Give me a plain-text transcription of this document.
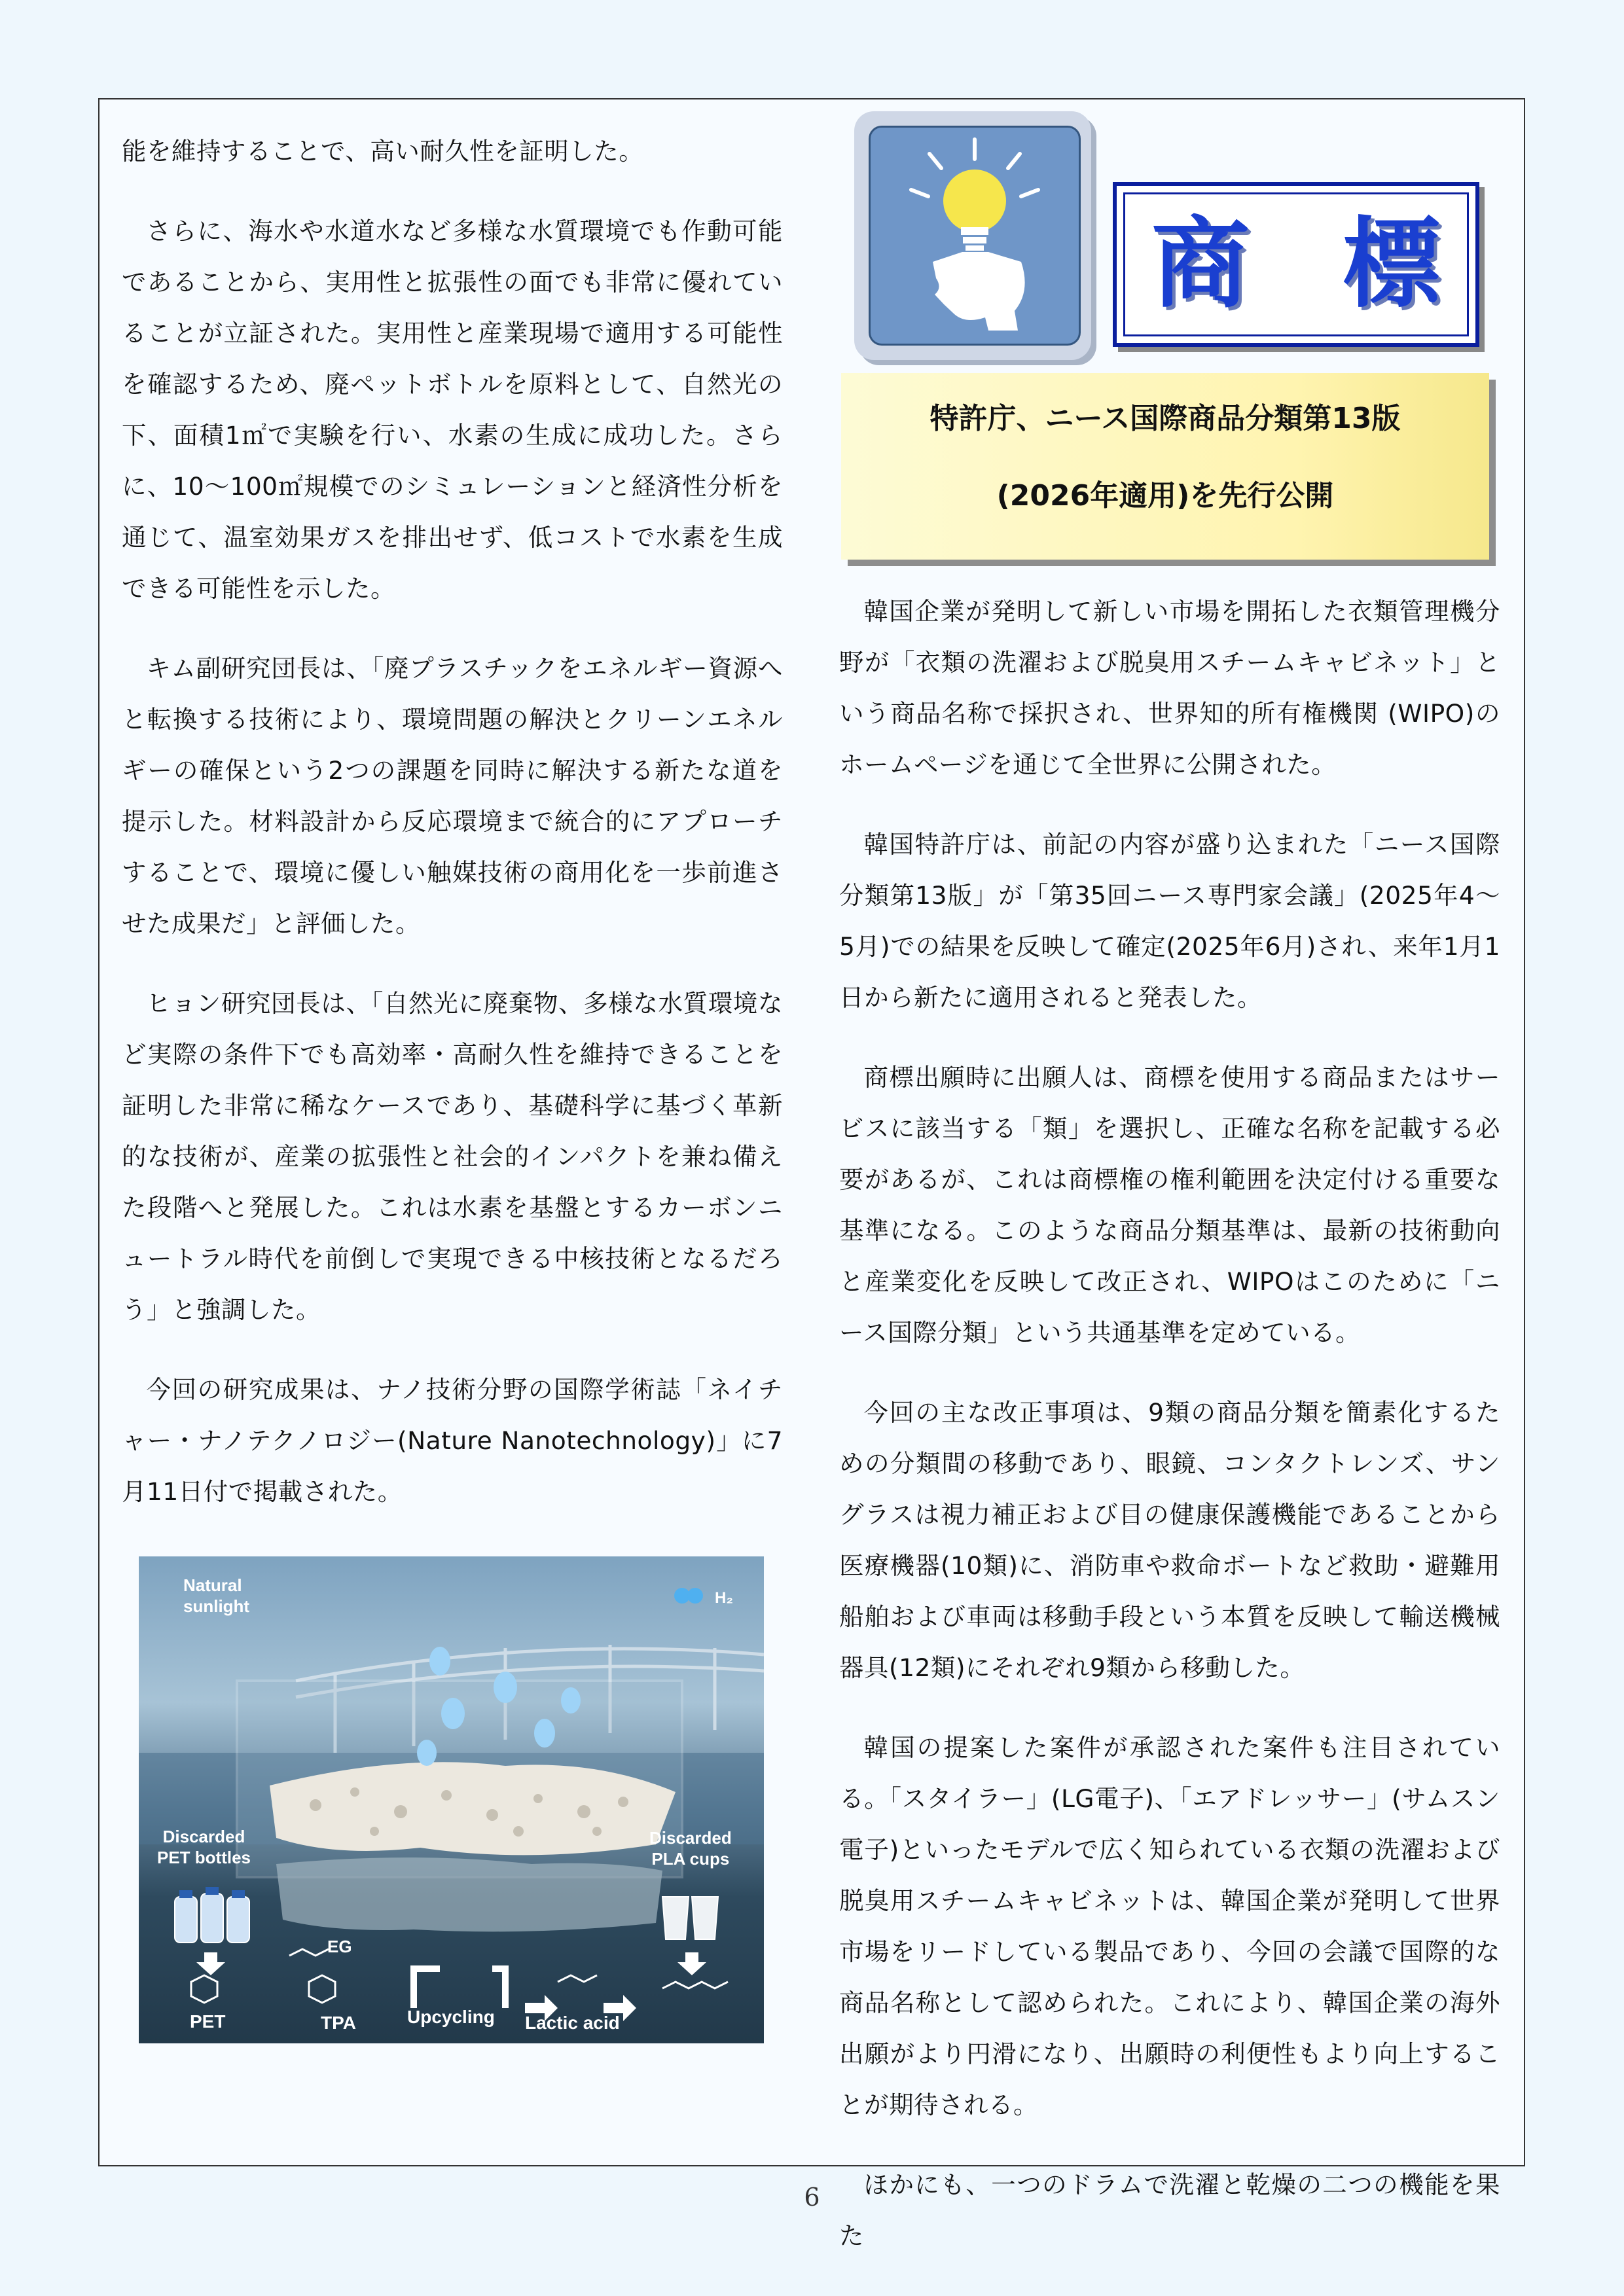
能を維持することで、高い耐久性を証明した。

さらに、海水や水道水など多様な水質環境でも作動可能であることから、実用性と拡張性の面でも非常に優れていることが立証された。実用性と産業現場で適用する可能性を確認するため、廃ペットボトルを原料として、自然光の下、面積1㎡で実験を行い、水素の生成に成功した。さらに、10～100㎡規模でのシミュレーションと経済性分析を通じて、温室効果ガスを排出せず、低コストで水素を生成できる可能性を示した。

キム副研究団長は、「廃プラスチックをエネルギー資源へと転換する技術により、環境問題の解決とクリーンエネルギーの確保という2つの課題を同時に解決する新たな道を提示した。材料設計から反応環境まで統合的にアプローチすることで、環境に優しい触媒技術の商用化を一歩前進させた成果だ」と評価した。

ヒョン研究団長は、「自然光に廃棄物、多様な水質環境など実際の条件下でも高効率・高耐久性を維持できることを証明した非常に稀なケースであり、基礎科学に基づく革新的な技術が、産業の拡張性と社会的インパクトを兼ね備えた段階へと発展した。これは水素を基盤とするカーボンニュートラル時代を前倒しで実現できる中核技術となるだろう」と強調した。

今回の研究成果は、ナノ技術分野の国際学術誌「ネイチャー・ナノテクノロジー(Nature Nanotechnology)」に7月11日付で掲載された。

Natural
sunlight	H₂
Discarded
PET bottles
Discarded
PLA cups
EG
PET	TPA	Upcycling Lactic acid
商 標
特許庁、ニース国際商品分類第13版
(2026年適用)を先行公開

韓国企業が発明して新しい市場を開拓した衣類管理機分野が「衣類の洗濯および脱臭用スチームキャビネット」という商品名称で採択され、世界知的所有権機関 (WIPO)のホームページを通じて全世界に公開された。

韓国特許庁は、前記の内容が盛り込まれた「ニース国際分類第13版」が「第35回ニース専門家会議」(2025年4～5月)での結果を反映して確定(2025年6月)され、来年1月1日から新たに適用されると発表した。

商標出願時に出願人は、商標を使用する商品またはサービスに該当する「類」を選択し、正確な名称を記載する必要があるが、これは商標権の権利範囲を決定付ける重要な基準になる。このような商品分類基準は、最新の技術動向と産業変化を反映して改正され、WIPOはこのために「ニース国際分類」という共通基準を定めている。

今回の主な改正事項は、9類の商品分類を簡素化するための分類間の移動であり、眼鏡、コンタクトレンズ、サングラスは視力補正および目の健康保護機能であることから医療機器(10類)に、消防車や救命ボートなど救助・避難用船舶および車両は移動手段という本質を反映して輸送機械器具(12類)にそれぞれ9類から移動した。

韓国の提案した案件が承認された案件も注目されている。「スタイラー」(LG電子)、「エアドレッサー」(サムスン電子)といったモデルで広く知られている衣類の洗濯および脱臭用スチームキャビネットは、韓国企業が発明して世界市場をリードしている製品であり、今回の会議で国際的な商品名称として認められた。これにより、韓国企業の海外出願がより円滑になり、出願時の利便性もより向上することが期待される。

ほかにも、一つのドラムで洗濯と乾燥の二つの機能を果た

6
